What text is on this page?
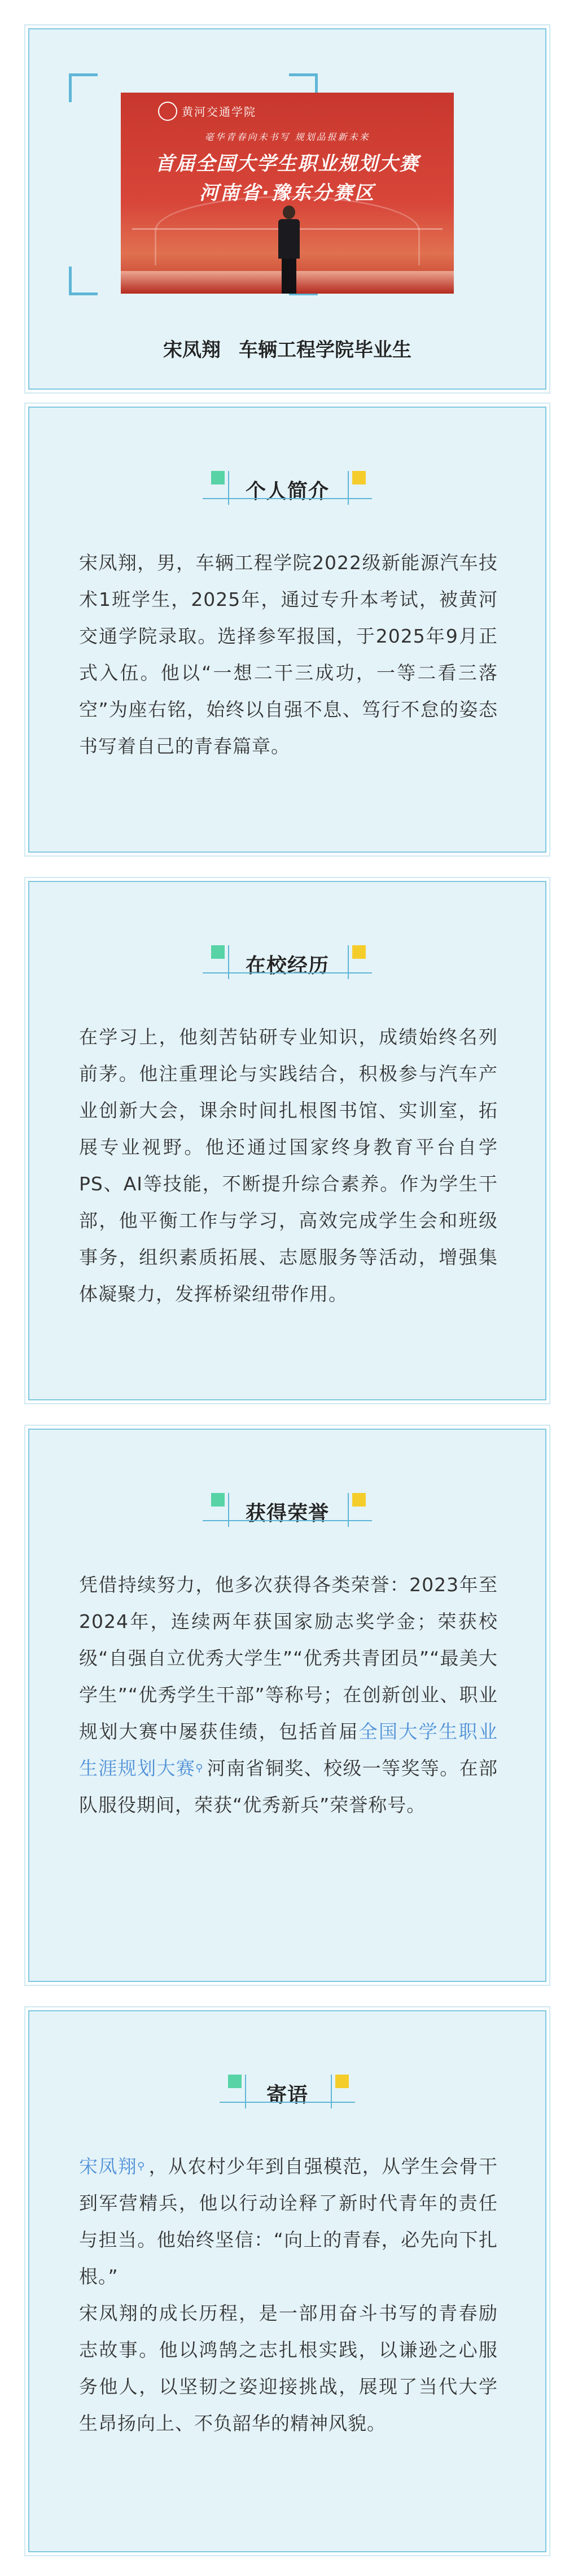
黄河交通学院
毫华青春向未书写 规划品报新未来
首届全国大学生职业规划大赛
河南省·豫东分赛区
宋凤翔 车辆工程学院毕业生
个人简介

宋凤翔，男，车辆工程学院2022级新能源汽车技术1班学生，2025年，通过专升本考试，被黄河交通学院录取。选择参军报国，于2025年9月正式入伍。他以“一想二干三成功，一等二看三落空”为座右铭，始终以自强不息、笃行不怠的姿态书写着自己的青春篇章。

在校经历

在学习上，他刻苦钻研专业知识，成绩始终名列前茅。他注重理论与实践结合，积极参与汽车产业创新大会，课余时间扎根图书馆、实训室，拓展专业视野。他还通过国家终身教育平台自学PS、AI等技能，不断提升综合素养。作为学生干部，他平衡工作与学习，高效完成学生会和班级事务，组织素质拓展、志愿服务等活动，增强集体凝聚力，发挥桥梁纽带作用。

获得荣誉

凭借持续努力，他多次获得各类荣誉：2023年至2024年，连续两年获国家励志奖学金；荣获校级“自强自立优秀大学生”“优秀共青团员”“最美大学生”“优秀学生干部”等称号；在创新创业、职业规划大赛中屡获佳绩，包括首届全国大学生职业生涯规划大赛⚲ 河南省铜奖、校级一等奖等。在部队服役期间，荣获“优秀新兵”荣誉称号。

寄语

宋凤翔⚲ ，从农村少年到自强模范，从学生会骨干到军营精兵，他以行动诠释了新时代青年的责任与担当。他始终坚信：“向上的青春，必先向下扎根。”

宋凤翔的成长历程，是一部用奋斗书写的青春励志故事。他以鸿鹄之志扎根实践，以谦逊之心服务他人，以坚韧之姿迎接挑战，展现了当代大学生昂扬向上、不负韶华的精神风貌。
